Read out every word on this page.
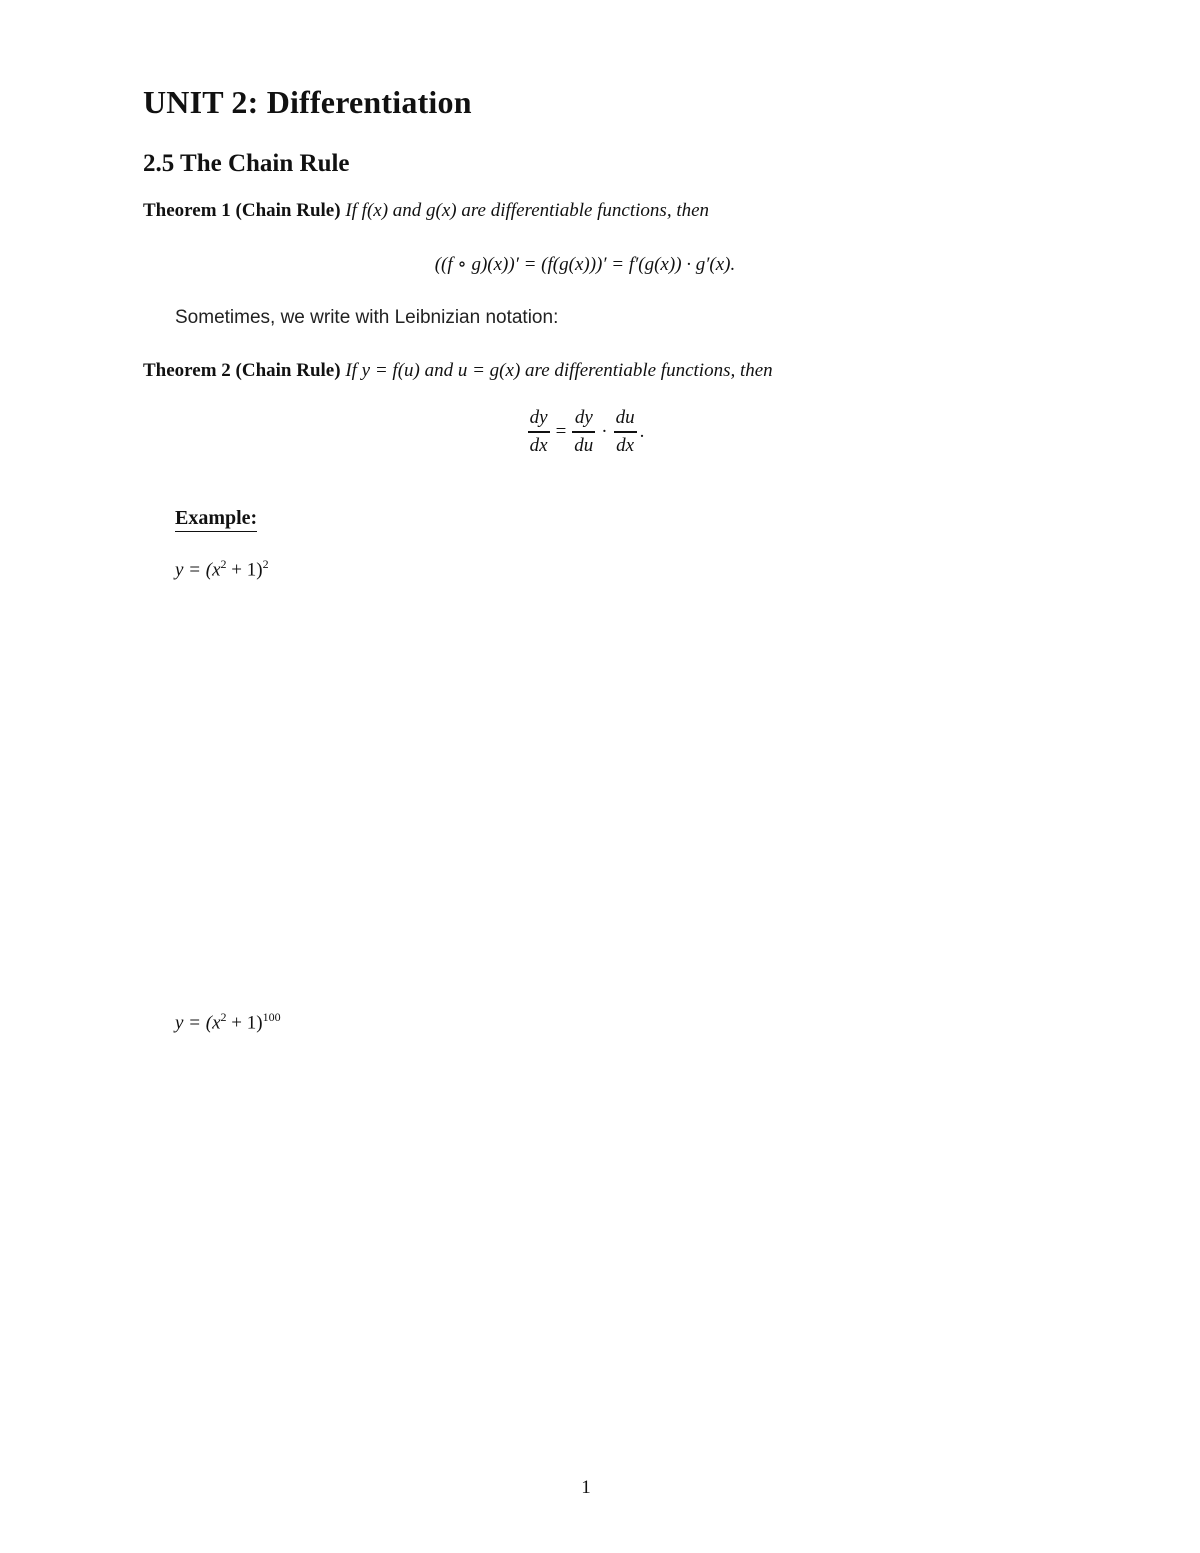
UNIT 2: Differentiation
2.5 The Chain Rule
Theorem 1 (Chain Rule) If f(x) and g(x) are differentiable functions, then
((f ∘ g)(x))′ = (f(g(x)))′ = f′(g(x)) · g′(x).
Sometimes, we write with Leibnizian notation:
Theorem 2 (Chain Rule) If y = f(u) and u = g(x) are differentiable functions, then
$\frac{dy}{dx} = \frac{dy}{du} \cdot \frac{du}{dx}$ .
Example:
$y = (x^2 + 1)^2$
$y = (x^2 + 1)^{100}$
1
